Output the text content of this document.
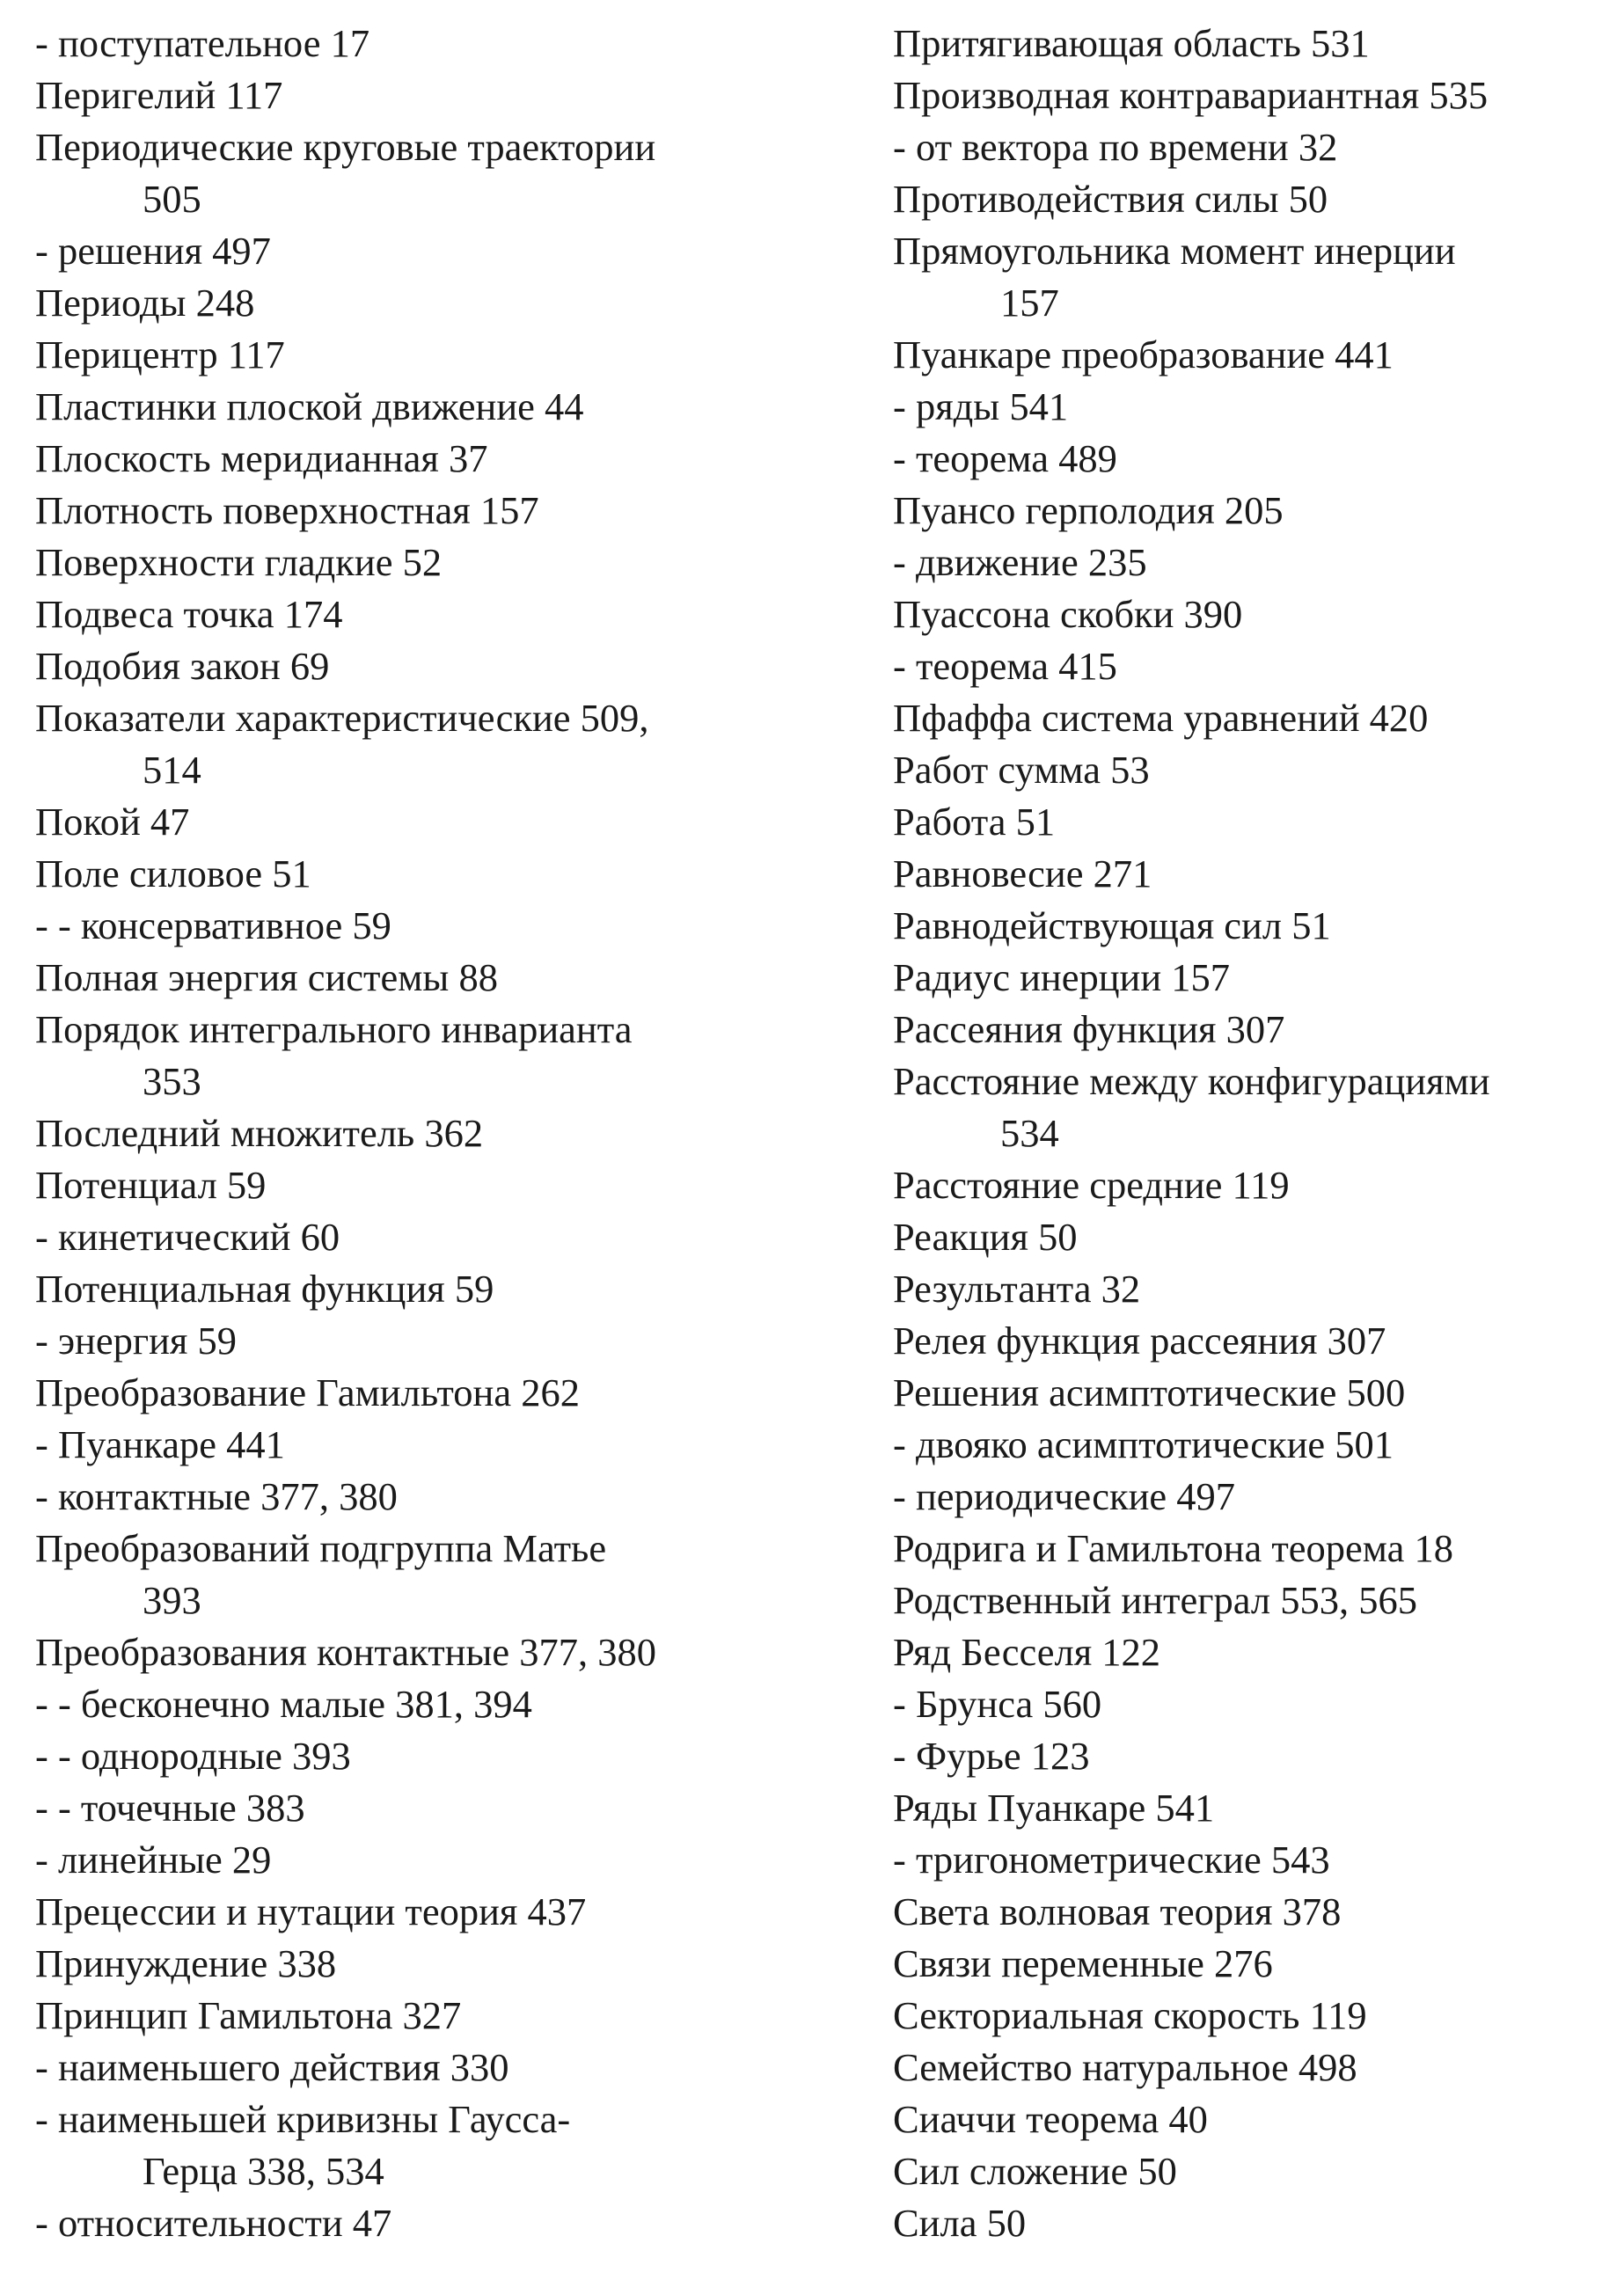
- поступательное 17
Перигелий 117
Периодические круговые траектории
505
- решения 497
Периоды 248
Перицентр 117
Пластинки плоской движение 44
Плоскость меридианная 37
Плотность поверхностная 157
Поверхности гладкие 52
Подвеса точка 174
Подобия закон 69
Показатели характеристические 509,
514
Покой 47
Поле силовое 51
- - консервативное 59
Полная энергия системы 88
Порядок интегрального инварианта
353
Последний множитель 362
Потенциал 59
- кинетический 60
Потенциальная функция 59
- энергия 59
Преобразование Гамильтона 262
- Пуанкаре 441
- контактные 377, 380
Преобразований подгруппа Матье
393
Преобразования контактные 377, 380
- - бесконечно малые 381, 394
- - однородные 393
- - точечные 383
- линейные 29
Прецессии и нутации теория 437
Принуждение 338
Принцип Гамильтона 327
- наименьшего действия 330
- наименьшей кривизны Гаусса-
Герца 338, 534
- относительности 47
Притягивающая область 531
Производная контравариантная 535
- от вектора по времени 32
Противодействия силы 50
Прямоугольника момент инерции
157
Пуанкаре преобразование 441
- ряды 541
- теорема 489
Пуансо герполодия 205
- движение 235
Пуассона скобки 390
- теорема 415
Пфаффа система уравнений 420
Работ сумма 53
Работа 51
Равновесие 271
Равнодействующая сил 51
Радиус инерции 157
Рассеяния функция 307
Расстояние между конфигурациями
534
Расстояние средние 119
Реакция 50
Результанта 32
Релея функция рассеяния 307
Решения асимптотические 500
- двояко асимптотические 501
- периодические 497
Родрига и Гамильтона теорема 18
Родственный интеграл 553, 565
Ряд Бесселя 122
- Брунса 560
- Фурье 123
Ряды Пуанкаре 541
- тригонометрические 543
Света волновая теория 378
Связи переменные 276
Секториальная скорость 119
Семейство натуральное 498
Сиаччи теорема 40
Сил сложение 50
Сила 50
